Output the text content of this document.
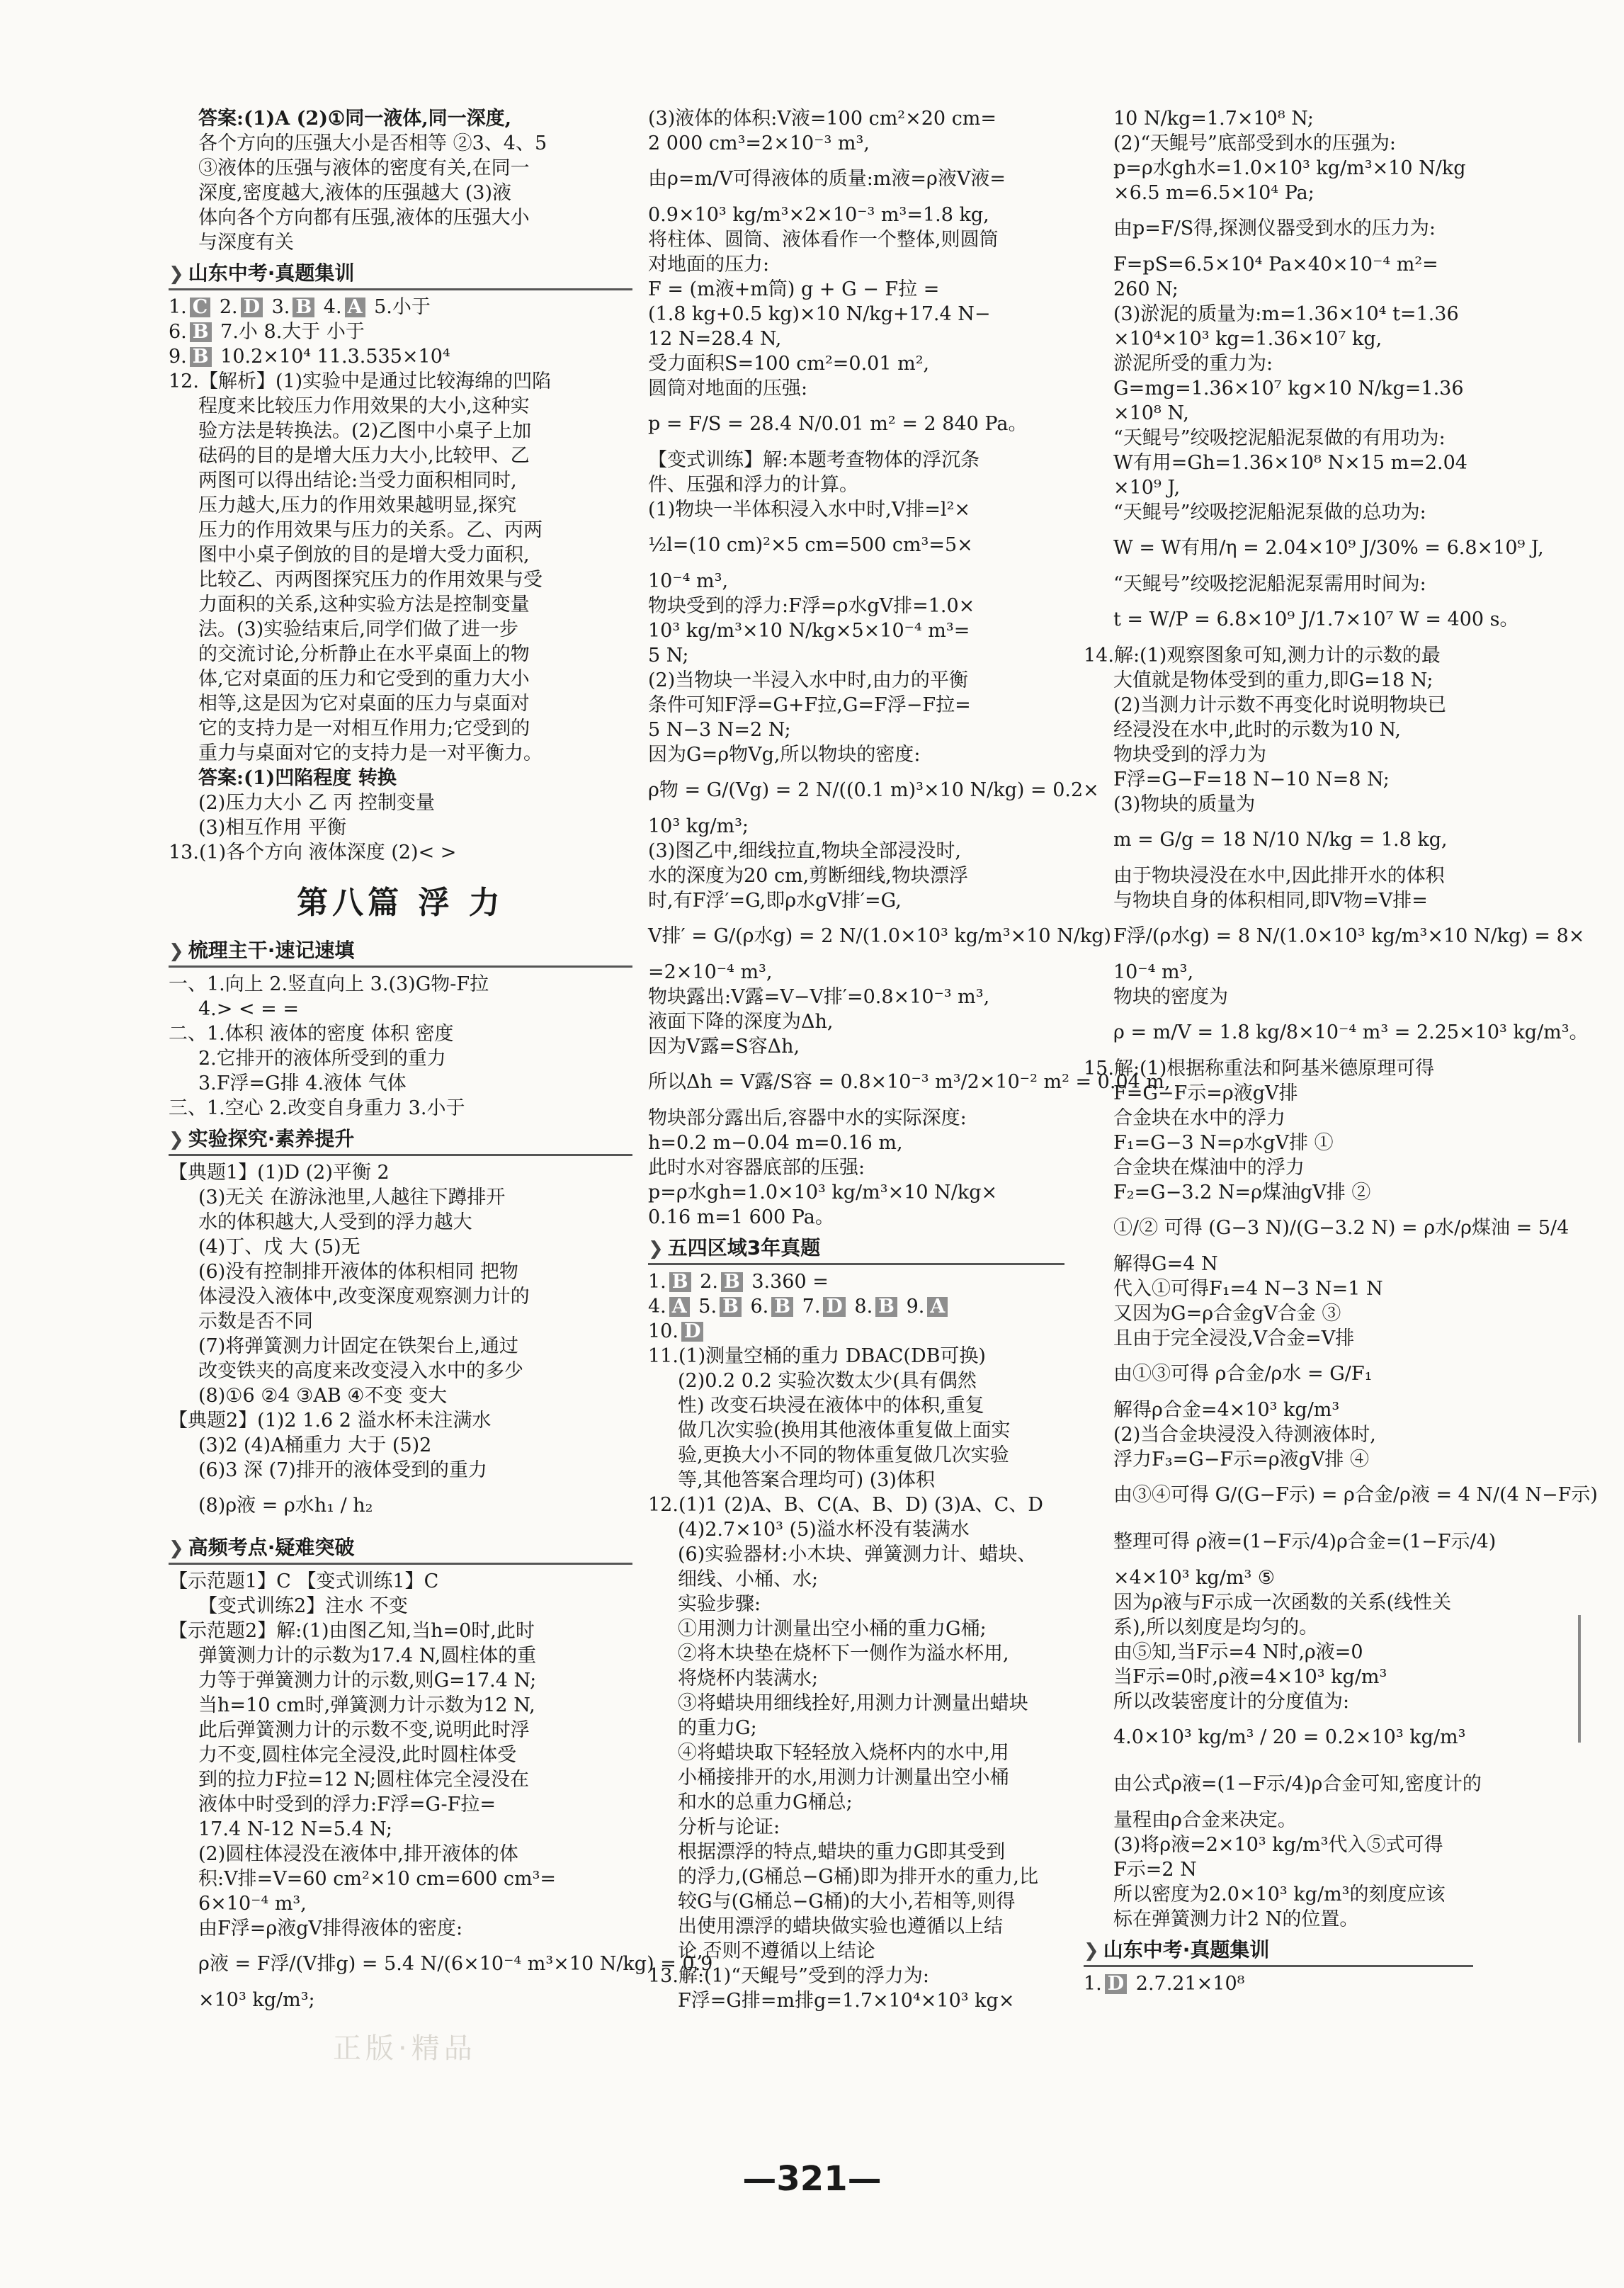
答案:(1)A (2)①同一液体,同一深度,
各个方向的压强大小是否相等 ②3、4、5
③液体的压强与液体的密度有关,在同一
深度,密度越大,液体的压强越大 (3)液
体向各个方向都有压强,液体的压强大小
与深度有关
❯ 山东中考·真题集训
1. C 2. D 3. B 4. A 5.小于
6. B 7.小 8.大于 小于
9. B 10.2×10⁴ 11.3.535×10⁴
12.【解析】(1)实验中是通过比较海绵的凹陷
程度来比较压力作用效果的大小,这种实
验方法是转换法。(2)乙图中小桌子上加
砝码的目的是增大压力大小,比较甲、乙
两图可以得出结论:当受力面积相同时,
压力越大,压力的作用效果越明显,探究
压力的作用效果与压力的关系。乙、丙两
图中小桌子倒放的目的是增大受力面积,
比较乙、丙两图探究压力的作用效果与受
力面积的关系,这种实验方法是控制变量
法。(3)实验结束后,同学们做了进一步
的交流讨论,分析静止在水平桌面上的物
体,它对桌面的压力和它受到的重力大小
相等,这是因为它对桌面的压力与桌面对
它的支持力是一对相互作用力;它受到的
重力与桌面对它的支持力是一对平衡力。
答案:(1)凹陷程度 转换
(2)压力大小 乙 丙 控制变量
(3)相互作用 平衡
13.(1)各个方向 液体深度 (2)< >
第八篇 浮 力
❯ 梳理主干·速记速填
一、1.向上 2.竖直向上 3.(3)G物-F拉
4.> < = =
二、1.体积 液体的密度 体积 密度
2.它排开的液体所受到的重力
3.F浮=G排 4.液体 气体
三、1.空心 2.改变自身重力 3.小于
❯ 实验探究·素养提升
【典题1】(1)D (2)平衡 2
(3)无关 在游泳池里,人越往下蹲排开
水的体积越大,人受到的浮力越大
(4)丁、戊 大 (5)无
(6)没有控制排开液体的体积相同 把物
体浸没入液体中,改变深度观察测力计的
示数是否不同
(7)将弹簧测力计固定在铁架台上,通过
改变铁夹的高度来改变浸入水中的多少
(8)①6 ②4 ③AB ④不变 变大
【典题2】(1)2 1.6 2 溢水杯未注满水
(3)2 (4)A桶重力 大于 (5)2
(6)3 深 (7)排开的液体受到的重力
(8)ρ液 = ρ水h₁ / h₂
❯ 高频考点·疑难突破
【示范题1】C 【变式训练1】C
【变式训练2】注水 不变
【示范题2】解:(1)由图乙知,当h=0时,此时
弹簧测力计的示数为17.4 N,圆柱体的重
力等于弹簧测力计的示数,则G=17.4 N;
当h=10 cm时,弹簧测力计示数为12 N,
此后弹簧测力计的示数不变,说明此时浮
力不变,圆柱体完全浸没,此时圆柱体受
到的拉力F拉=12 N;圆柱体完全浸没在
液体中时受到的浮力:F浮=G-F拉=
17.4 N-12 N=5.4 N;
(2)圆柱体浸没在液体中,排开液体的体
积:V排=V=60 cm²×10 cm=600 cm³=
6×10⁻⁴ m³,
由F浮=ρ液gV排得液体的密度:
ρ液 = F浮/(V排g) = 5.4 N/(6×10⁻⁴ m³×10 N/kg) = 0.9
×10³ kg/m³;
(3)液体的体积:V液=100 cm²×20 cm=
2 000 cm³=2×10⁻³ m³,
由ρ=m/V可得液体的质量:m液=ρ液V液=
0.9×10³ kg/m³×2×10⁻³ m³=1.8 kg,
将柱体、圆筒、液体看作一个整体,则圆筒
对地面的压力:
F = (m液+m筒) g + G − F拉 =
(1.8 kg+0.5 kg)×10 N/kg+17.4 N−
12 N=28.4 N,
受力面积S=100 cm²=0.01 m²,
圆筒对地面的压强:
p = F/S = 28.4 N/0.01 m² = 2 840 Pa。
【变式训练】解:本题考查物体的浮沉条
件、压强和浮力的计算。
(1)物块一半体积浸入水中时,V排=l²×
½l=(10 cm)²×5 cm=500 cm³=5×
10⁻⁴ m³,
物块受到的浮力:F浮=ρ水gV排=1.0×
10³ kg/m³×10 N/kg×5×10⁻⁴ m³=
5 N;
(2)当物块一半浸入水中时,由力的平衡
条件可知F浮=G+F拉,G=F浮−F拉=
5 N−3 N=2 N;
因为G=ρ物Vg,所以物块的密度:
ρ物 = G/(Vg) = 2 N/((0.1 m)³×10 N/kg) = 0.2×
10³ kg/m³;
(3)图乙中,细线拉直,物块全部浸没时,
水的深度为20 cm,剪断细线,物块漂浮
时,有F浮′=G,即ρ水gV排′=G,
V排′ = G/(ρ水g) = 2 N/(1.0×10³ kg/m³×10 N/kg)
=2×10⁻⁴ m³,
物块露出:V露=V−V排′=0.8×10⁻³ m³,
液面下降的深度为Δh,
因为V露=S容Δh,
所以Δh = V露/S容 = 0.8×10⁻³ m³/2×10⁻² m² = 0.04 m,
物块部分露出后,容器中水的实际深度:
h=0.2 m−0.04 m=0.16 m,
此时水对容器底部的压强:
p=ρ水gh=1.0×10³ kg/m³×10 N/kg×
0.16 m=1 600 Pa。
❯ 五四区域3年真题
1. B 2. B 3.360 =
4. A 5. B 6. B 7. D 8. B 9. A
10. D
11.(1)测量空桶的重力 DBAC(DB可换)
(2)0.2 0.2 实验次数太少(具有偶然
性) 改变石块浸在液体中的体积,重复
做几次实验(换用其他液体重复做上面实
验,更换大小不同的物体重复做几次实验
等,其他答案合理均可) (3)体积
12.(1)1 (2)A、B、C(A、B、D) (3)A、C、D
(4)2.7×10³ (5)溢水杯没有装满水
(6)实验器材:小木块、弹簧测力计、蜡块、
细线、小桶、水;
实验步骤:
①用测力计测量出空小桶的重力G桶;
②将木块垫在烧杯下一侧作为溢水杯用,
将烧杯内装满水;
③将蜡块用细线拴好,用测力计测量出蜡块
的重力G;
④将蜡块取下轻轻放入烧杯内的水中,用
小桶接排开的水,用测力计测量出空小桶
和水的总重力G桶总;
分析与论证:
根据漂浮的特点,蜡块的重力G即其受到
的浮力,(G桶总−G桶)即为排开水的重力,比
较G与(G桶总−G桶)的大小,若相等,则得
出使用漂浮的蜡块做实验也遵循以上结
论,否则不遵循以上结论
13.解:(1)“天鲲号”受到的浮力为:
F浮=G排=m排g=1.7×10⁴×10³ kg×
10 N/kg=1.7×10⁸ N;
(2)“天鲲号”底部受到水的压强为:
p=ρ水gh水=1.0×10³ kg/m³×10 N/kg
×6.5 m=6.5×10⁴ Pa;
由p=F/S得,探测仪器受到水的压力为:
F=pS=6.5×10⁴ Pa×40×10⁻⁴ m²=
260 N;
(3)淤泥的质量为:m=1.36×10⁴ t=1.36
×10⁴×10³ kg=1.36×10⁷ kg,
淤泥所受的重力为:
G=mg=1.36×10⁷ kg×10 N/kg=1.36
×10⁸ N,
“天鲲号”绞吸挖泥船泥泵做的有用功为:
W有用=Gh=1.36×10⁸ N×15 m=2.04
×10⁹ J,
“天鲲号”绞吸挖泥船泥泵做的总功为:
W = W有用/η = 2.04×10⁹ J/30% = 6.8×10⁹ J,
“天鲲号”绞吸挖泥船泥泵需用时间为:
t = W/P = 6.8×10⁹ J/1.7×10⁷ W = 400 s。
14.解:(1)观察图象可知,测力计的示数的最
大值就是物体受到的重力,即G=18 N;
(2)当测力计示数不再变化时说明物块已
经浸没在水中,此时的示数为10 N,
物块受到的浮力为
F浮=G−F=18 N−10 N=8 N;
(3)物块的质量为
m = G/g = 18 N/10 N/kg = 1.8 kg,
由于物块浸没在水中,因此排开水的体积
与物块自身的体积相同,即V物=V排=
F浮/(ρ水g) = 8 N/(1.0×10³ kg/m³×10 N/kg) = 8×
10⁻⁴ m³,
物块的密度为
ρ = m/V = 1.8 kg/8×10⁻⁴ m³ = 2.25×10³ kg/m³。
15.解:(1)根据称重法和阿基米德原理可得
F=G−F示=ρ液gV排
合金块在水中的浮力
F₁=G−3 N=ρ水gV排 ①
合金块在煤油中的浮力
F₂=G−3.2 N=ρ煤油gV排 ②
①/② 可得 (G−3 N)/(G−3.2 N) = ρ水/ρ煤油 = 5/4
解得G=4 N
代入①可得F₁=4 N−3 N=1 N
又因为G=ρ合金gV合金 ③
且由于完全浸没,V合金=V排
由①③可得 ρ合金/ρ水 = G/F₁
解得ρ合金=4×10³ kg/m³
(2)当合金块浸没入待测液体时,
浮力F₃=G−F示=ρ液gV排 ④
由③④可得 G/(G−F示) = ρ合金/ρ液 = 4 N/(4 N−F示)
整理可得 ρ液=(1−F示/4)ρ合金=(1−F示/4)
×4×10³ kg/m³ ⑤
因为ρ液与F示成一次函数的关系(线性关
系),所以刻度是均匀的。
由⑤知,当F示=4 N时,ρ液=0
当F示=0时,ρ液=4×10³ kg/m³
所以改装密度计的分度值为:
4.0×10³ kg/m³ / 20 = 0.2×10³ kg/m³
由公式ρ液=(1−F示/4)ρ合金可知,密度计的
量程由ρ合金来决定。
(3)将ρ液=2×10³ kg/m³代入⑤式可得
F示=2 N
所以密度为2.0×10³ kg/m³的刻度应该
标在弹簧测力计2 N的位置。
❯ 山东中考·真题集训
1. D 2.7.21×10⁸
正版·精品
—321—
